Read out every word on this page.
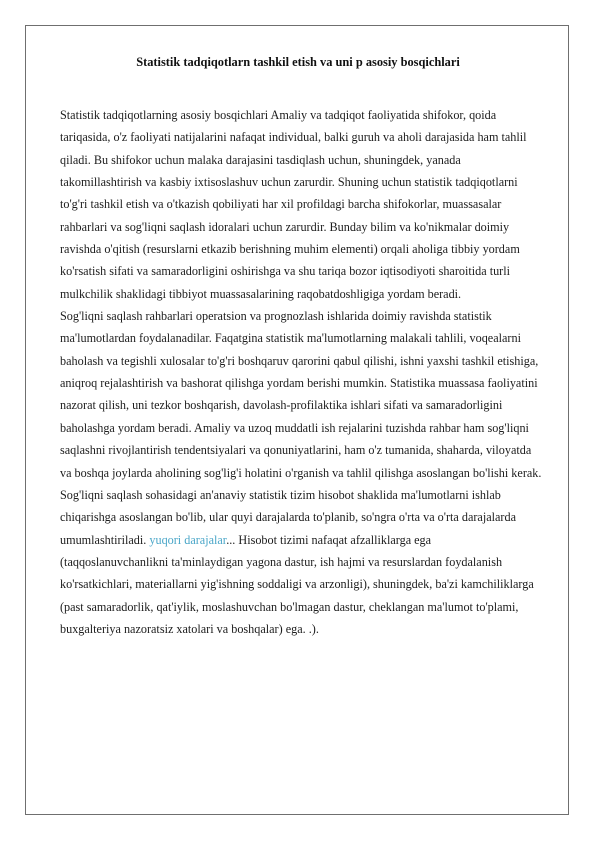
Statistik tadqiqotlarn tashkil etish va uni p asosiy bosqichlari

Statistik tadqiqotlarning asosiy bosqichlari Amaliy va tadqiqot faoliyatida shifokor, qoida tariqasida, o'z faoliyati natijalarini nafaqat individual, balki guruh va aholi darajasida ham tahlil qiladi. Bu shifokor uchun malaka darajasini tasdiqlash uchun, shuningdek, yanada takomillashtirish va kasbiy ixtisoslashuv uchun zarurdir. Shuning uchun statistik tadqiqotlarni to'g'ri tashkil etish va o'tkazish qobiliyati har xil profildagi barcha shifokorlar, muassasalar rahbarlari va sog'liqni saqlash idoralari uchun zarurdir. Bunday bilim va ko'nikmalar doimiy ravishda o'qitish (resurslarni etkazib berishning muhim elementi) orqali aholiga tibbiy yordam ko'rsatish sifati va samaradorligini oshirishga va shu tariqa bozor iqtisodiyoti sharoitida turli mulkchilik shaklidagi tibbiyot muassasalarining raqobatdoshligiga yordam beradi.

Sog'liqni saqlash rahbarlari operatsion va prognozlash ishlarida doimiy ravishda statistik ma'lumotlardan foydalanadilar. Faqatgina statistik ma'lumotlarning malakali tahlili, voqealarni baholash va tegishli xulosalar to'g'ri boshqaruv qarorini qabul qilishi, ishni yaxshi tashkil etishiga, aniqroq rejalashtirish va bashorat qilishga yordam berishi mumkin. Statistika muassasa faoliyatini nazorat qilish, uni tezkor boshqarish, davolash-profilaktika ishlari sifati va samaradorligini baholashga yordam beradi. Amaliy va uzoq muddatli ish rejalarini tuzishda rahbar ham sog'liqni saqlashni rivojlantirish tendentsiyalari va qonuniyatlarini, ham o'z tumanida, shaharda, viloyatda va boshqa joylarda aholining sog'lig'i holatini o'rganish va tahlil qilishga asoslangan bo'lishi kerak.

Sog'liqni saqlash sohasidagi an'anaviy statistik tizim hisobot shaklida ma'lumotlarni ishlab chiqarishga asoslangan bo'lib, ular quyi darajalarda to'planib, so'ngra o'rta va o'rta darajalarda umumlashtiriladi. yuqori darajalar... Hisobot tizimi nafaqat afzalliklarga ega (taqqoslanuvchanlikni ta'minlaydigan yagona dastur, ish hajmi va resurslardan foydalanish ko'rsatkichlari, materiallarni yig'ishning soddaligi va arzonligi), shuningdek, ba'zi kamchiliklarga (past samaradorlik, qat'iylik, moslashuvchan bo'lmagan dastur, cheklangan ma'lumot to'plami, buxgalteriya nazoratsiz xatolari va boshqalar) ega. .).
